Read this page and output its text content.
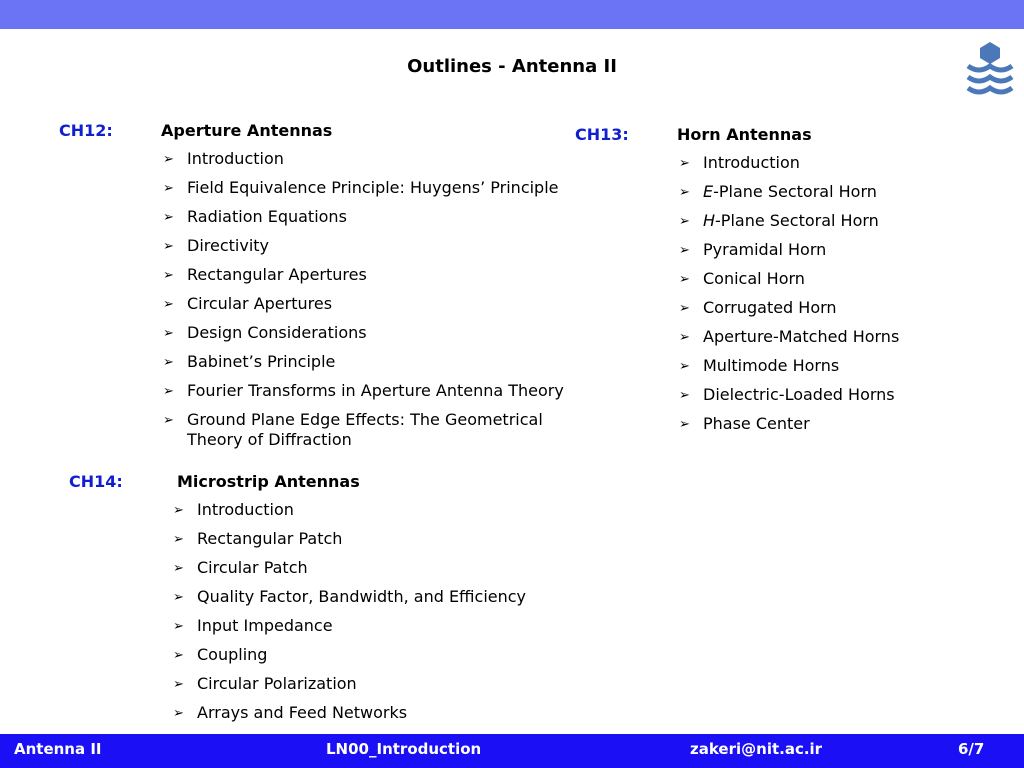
Outlines - Antenna II
CH12:	Aperture Antennas
➢ Introduction
➢ Field Equivalence Principle: Huygens’ Principle
➢ Radiation Equations
➢ Directivity
➢ Rectangular Apertures
➢ Circular Apertures
➢ Design Considerations
➢ Babinet’s Principle
➢ Fourier Transforms in Aperture Antenna Theory
➢ Ground Plane Edge Effects: The Geometrical Theory of Diffraction
CH13:	Horn Antennas
➢ Introduction
➢ E-Plane Sectoral Horn
➢ H-Plane Sectoral Horn
➢ Pyramidal Horn
➢ Conical Horn
➢ Corrugated Horn
➢ Aperture-Matched Horns
➢ Multimode Horns
➢ Dielectric-Loaded Horns
➢ Phase Center
CH14:	Microstrip Antennas
➢ Introduction
➢ Rectangular Patch
➢ Circular Patch
➢ Quality Factor, Bandwidth, and Efficiency
➢ Input Impedance
➢ Coupling
➢ Circular Polarization
➢ Arrays and Feed Networks
Antenna II	LN00_Introduction	zakeri@nit.ac.ir	6/7
